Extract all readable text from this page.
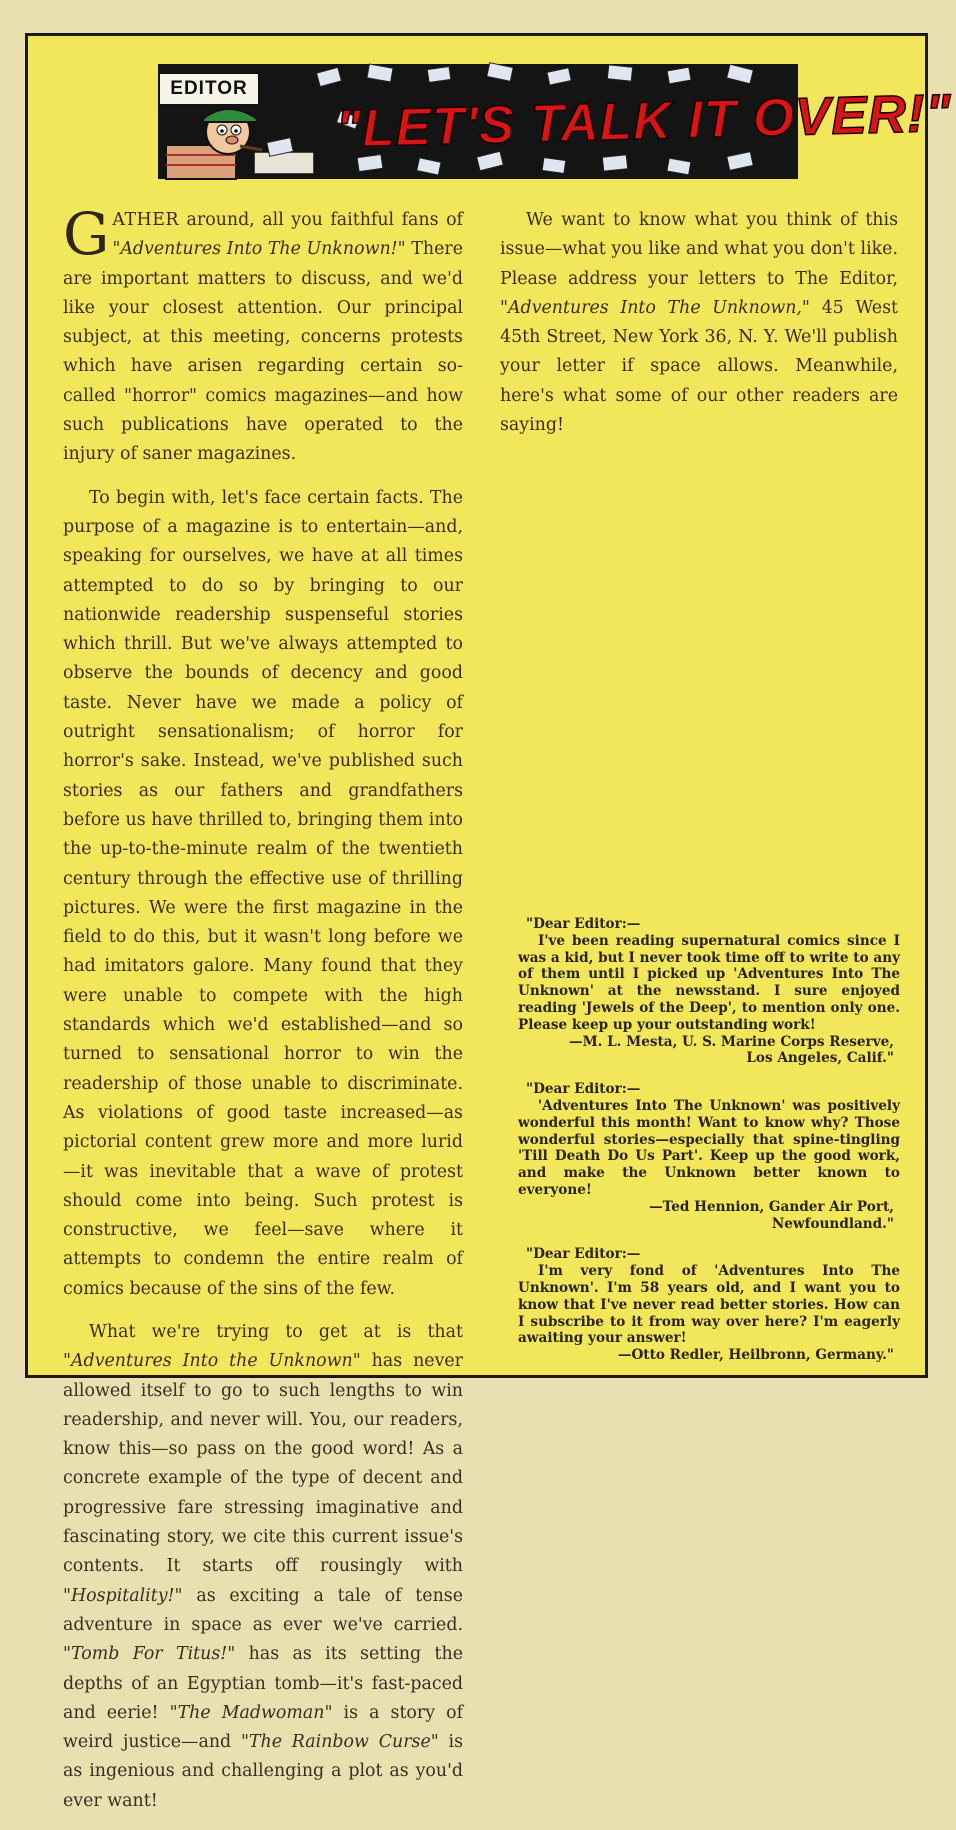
EDITOR "LET'S TALK IT OVER!"

GATHER around, all you faithful fans of "Adventures Into The Unknown!" There are important matters to discuss, and we'd like your closest attention. Our principal subject, at this meeting, concerns protests which have arisen regarding certain so-called "horror" comics magazines—and how such publications have operated to the injury of saner magazines.

To begin with, let's face certain facts. The purpose of a magazine is to entertain—and, speaking for ourselves, we have at all times attempted to do so by bringing to our nationwide readership suspenseful stories which thrill. But we've always attempted to observe the bounds of decency and good taste. Never have we made a policy of outright sensationalism; of horror for horror's sake. Instead, we've published such stories as our fathers and grandfathers before us have thrilled to, bringing them into the up-to-the-minute realm of the twentieth century through the effective use of thrilling pictures. We were the first magazine in the field to do this, but it wasn't long before we had imitators galore. Many found that they were unable to compete with the high standards which we'd established—and so turned to sensational horror to win the readership of those unable to discriminate. As violations of good taste increased—as pictorial content grew more and more lurid—it was inevitable that a wave of protest should come into being. Such protest is constructive, we feel—save where it attempts to condemn the entire realm of comics because of the sins of the few.

What we're trying to get at is that "Adventures Into the Unknown" has never allowed itself to go to such lengths to win readership, and never will. You, our readers, know this—so pass on the good word! As a concrete example of the type of decent and progressive fare stressing imaginative and fascinating story, we cite this current issue's contents. It starts off rousingly with "Hospitality!" as exciting a tale of tense adventure in space as ever we've carried. "Tomb For Titus!" has as its setting the depths of an Egyptian tomb—it's fast-paced and eerie! "The Madwoman" is a story of weird justice—and "The Rainbow Curse" is as ingenious and challenging a plot as you'd ever want!

We want to know what you think of this issue—what you like and what you don't like. Please address your letters to The Editor, "Adventures Into The Unknown," 45 West 45th Street, New York 36, N. Y. We'll publish your letter if space allows. Meanwhile, here's what some of our other readers are saying!

"Dear Editor:—
I've been reading supernatural comics since I was a kid, but I never took time off to write to any of them until I picked up 'Adventures Into The Unknown' at the newsstand. I sure enjoyed reading 'Jewels of the Deep', to mention only one. Please keep up your outstanding work!
—M. L. Mesta, U. S. Marine Corps Reserve,
Los Angeles, Calif."
"Dear Editor:—
'Adventures Into The Unknown' was positively wonderful this month! Want to know why? Those wonderful stories—especially that spine-tingling 'Till Death Do Us Part'. Keep up the good work, and make the Unknown better known to everyone!
—Ted Hennion, Gander Air Port,
Newfoundland."
"Dear Editor:—
I'm very fond of 'Adventures Into The Unknown'. I'm 58 years old, and I want you to know that I've never read better stories. How can I subscribe to it from way over here? I'm eagerly awaiting your answer!
—Otto Redler, Heilbronn, Germany."
